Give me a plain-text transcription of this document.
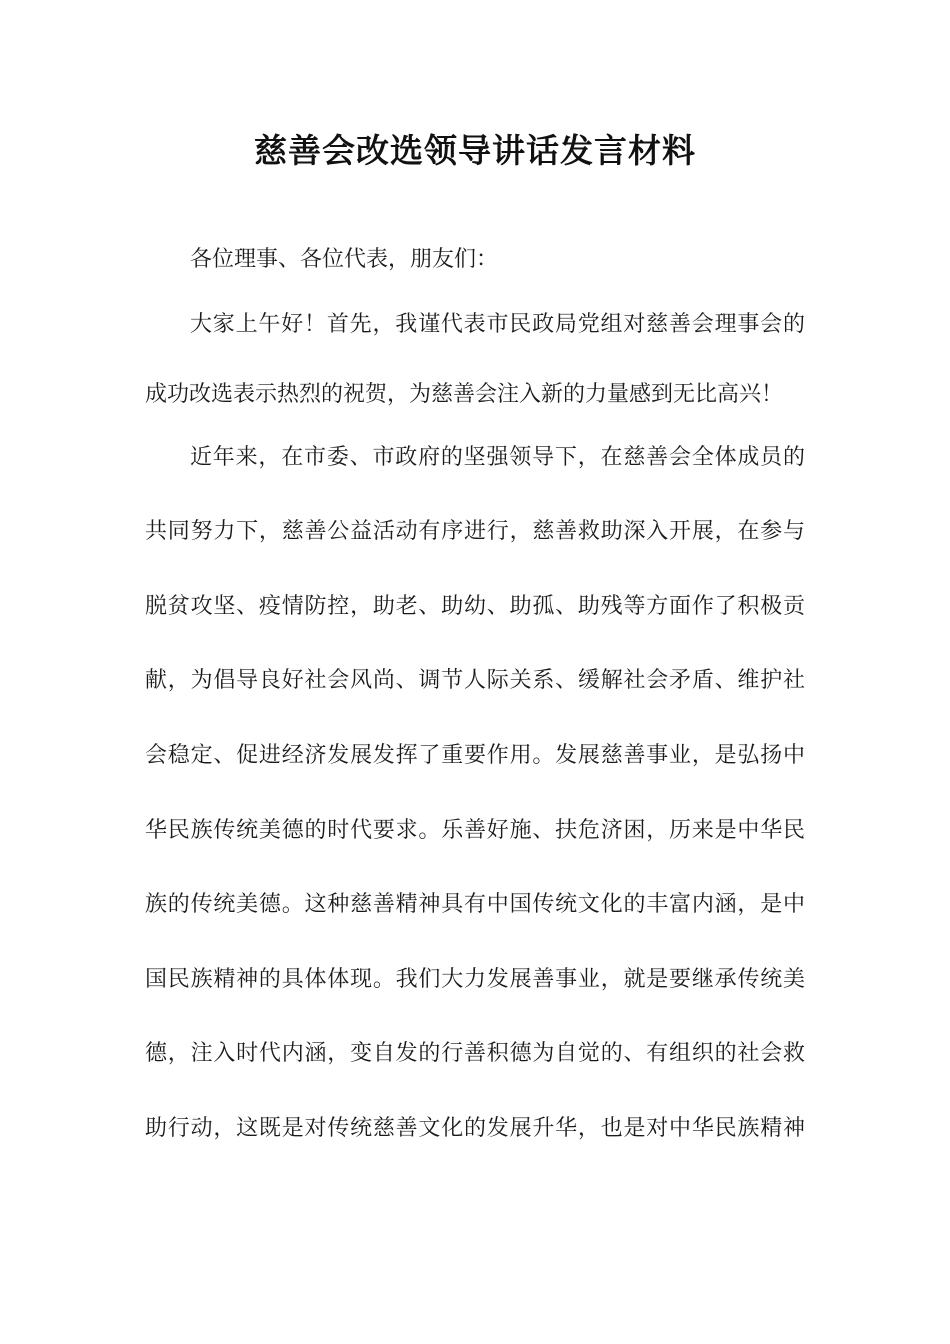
慈善会改选领导讲话发言材料
各位理事、各位代表，朋友们：
大家上午好！首先，我谨代表市民政局党组对慈善会理事会的
成功改选表示热烈的祝贺，为慈善会注入新的力量感到无比高兴！
近年来，在市委、市政府的坚强领导下，在慈善会全体成员的
共同努力下，慈善公益活动有序进行，慈善救助深入开展，在参与
脱贫攻坚、疫情防控，助老、助幼、助孤、助残等方面作了积极贡
献，为倡导良好社会风尚、调节人际关系、缓解社会矛盾、维护社
会稳定、促进经济发展发挥了重要作用。发展慈善事业，是弘扬中
华民族传统美德的时代要求。乐善好施、扶危济困，历来是中华民
族的传统美德。这种慈善精神具有中国传统文化的丰富内涵，是中
国民族精神的具体体现。我们大力发展善事业，就是要继承传统美
德，注入时代内涵，变自发的行善积德为自觉的、有组织的社会救
助行动，这既是对传统慈善文化的发展升华，也是对中华民族精神
